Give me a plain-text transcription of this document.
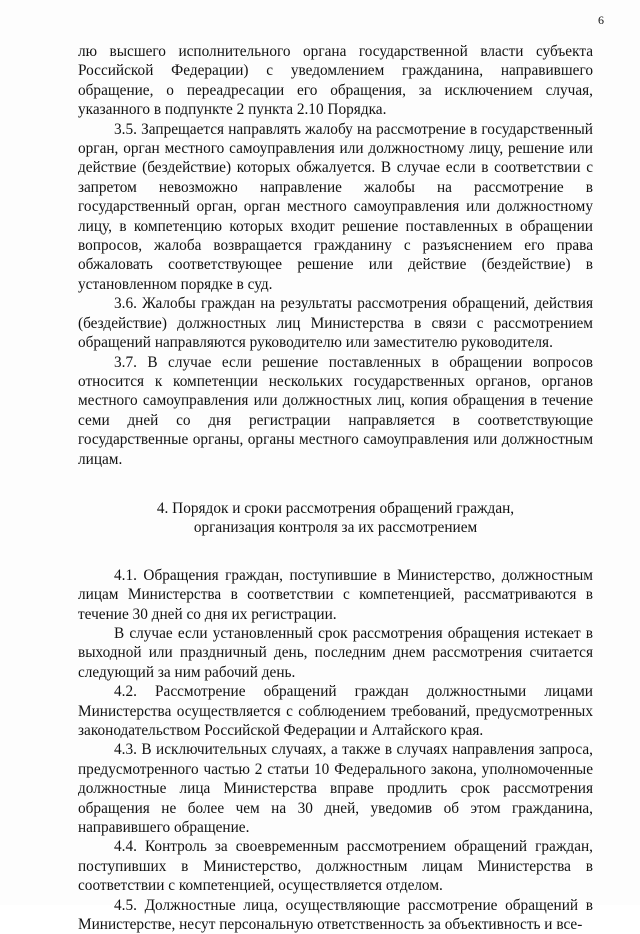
6

лю высшего исполнительного органа государственной власти субъекта Российской Федерации) с уведомлением гражданина, направившего обращение, о переадресации его обращения, за исключением случая, указанного в подпункте 2 пункта 2.10 Порядка.

3.5. Запрещается направлять жалобу на рассмотрение в государственный орган, орган местного самоуправления или должностному лицу, решение или действие (бездействие) которых обжалуется. В случае если в соответствии с запретом невозможно направление жалобы на рассмотрение в государственный орган, орган местного самоуправления или должностному лицу, в компетенцию которых входит решение поставленных в обращении вопросов, жалоба возвращается гражданину с разъяснением его права обжаловать соответствующее решение или действие (бездействие) в установленном порядке в суд.

3.6. Жалобы граждан на результаты рассмотрения обращений, действия (бездействие) должностных лиц Министерства в связи с рассмотрением обращений направляются руководителю или заместителю руководителя.

3.7. В случае если решение поставленных в обращении вопросов относится к компетенции нескольких государственных органов, органов местного самоуправления или должностных лиц, копия обращения в течение семи дней со дня регистрации направляется в соответствующие государственные органы, органы местного самоуправления или должностным лицам.

4. Порядок и сроки рассмотрения обращений граждан,

организация контроля за их рассмотрением

4.1. Обращения граждан, поступившие в Министерство, должностным лицам Министерства в соответствии с компетенцией, рассматриваются в течение 30 дней со дня их регистрации.

В случае если установленный срок рассмотрения обращения истекает в выходной или праздничный день, последним днем рассмотрения считается следующий за ним рабочий день.

4.2. Рассмотрение обращений граждан должностными лицами Министерства осуществляется с соблюдением требований, предусмотренных законодательством Российской Федерации и Алтайского края.

4.3. В исключительных случаях, а также в случаях направления запроса, предусмотренного частью 2 статьи 10 Федерального закона, уполномоченные должностные лица Министерства вправе продлить срок рассмотрения обращения не более чем на 30 дней, уведомив об этом гражданина, направившего обращение.

4.4. Контроль за своевременным рассмотрением обращений граждан, поступивших в Министерство, должностным лицам Министерства в соответствии с компетенцией, осуществляется отделом.

4.5. Должностные лица, осуществляющие рассмотрение обращений в Министерстве, несут персональную ответственность за объективность и все-
